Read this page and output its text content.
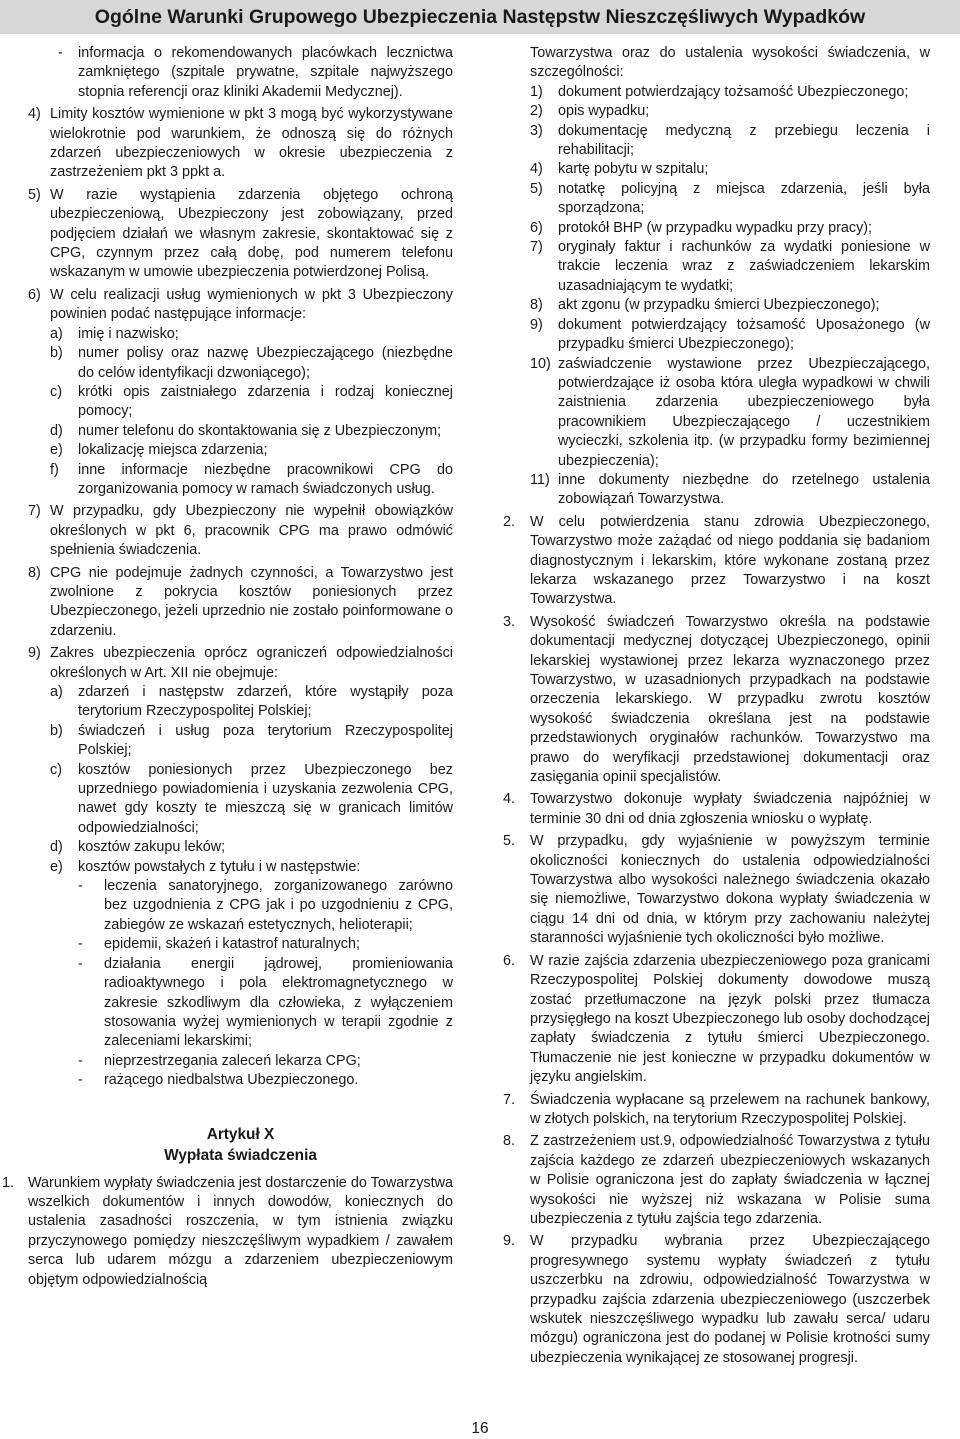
Ogólne Warunki Grupowego Ubezpieczenia Następstw Nieszczęśliwych Wypadków
- informacja o rekomendowanych placówkach lecznictwa zamkniętego (szpitale prywatne, szpitale najwyższego stopnia referencji oraz kliniki Akademii Medycznej).
4) Limity kosztów wymienione w pkt 3 mogą być wykorzystywane wielokrotnie pod warunkiem, że odnoszą się do różnych zdarzeń ubezpieczeniowych w okresie ubezpieczenia z zastrzeżeniem pkt 3 ppkt a.
5) W razie wystąpienia zdarzenia objętego ochroną ubezpieczeniową, Ubezpieczony jest zobowiązany, przed podjęciem działań we własnym zakresie, skontaktować się z CPG, czynnym przez całą dobę, pod numerem telefonu wskazanym w umowie ubezpieczenia potwierdzonej Polisą.
6) W celu realizacji usług wymienionych w pkt 3 Ubezpieczony powinien podać następujące informacje:
a) imię i nazwisko;
b) numer polisy oraz nazwę Ubezpieczającego (niezbędne do celów identyfikacji dzwoniącego);
c) krótki opis zaistniałego zdarzenia i rodzaj koniecznej pomocy;
d) numer telefonu do skontaktowania się z Ubezpieczonym;
e) lokalizację miejsca zdarzenia;
f) inne informacje niezbędne pracownikowi CPG do zorganizowania pomocy w ramach świadczonych usług.
7) W przypadku, gdy Ubezpieczony nie wypełnił obowiązków określonych w pkt 6, pracownik CPG ma prawo odmówić spełnienia świadczenia.
8) CPG nie podejmuje żadnych czynności, a Towarzystwo jest zwolnione z pokrycia kosztów poniesionych przez Ubezpieczonego, jeżeli uprzednio nie zostało poinformowane o zdarzeniu.
9) Zakres ubezpieczenia oprócz ograniczeń odpowiedzialności określonych w Art. XII nie obejmuje:
a) zdarzeń i następstw zdarzeń, które wystąpiły poza terytorium Rzeczypospolitej Polskiej;
b) świadczeń i usług poza terytorium Rzeczypospolitej Polskiej;
c) kosztów poniesionych przez Ubezpieczonego bez uprzedniego powiadomienia i uzyskania zezwolenia CPG, nawet gdy koszty te mieszczą się w granicach limitów odpowiedzialności;
d) kosztów zakupu leków;
e) kosztów powstałych z tytułu i w następstwie:
- leczenia sanatoryjnego, zorganizowanego zarówno bez uzgodnienia z CPG jak i po uzgodnieniu z CPG, zabiegów ze wskazań estetycznych, helioterapii;
- epidemii, skażeń i katastrof naturalnych;
- działania energii jądrowej, promieniowania radioaktywnego i pola elektromagnetycznego w zakresie szkodliwym dla człowieka, z wyłączeniem stosowania wyżej wymienionych w terapii zgodnie z zaleceniami lekarskimi;
- nieprzestrzegania zaleceń lekarza CPG;
- rażącego niedbalstwa Ubezpieczonego.

Artykuł X

Wypłata świadczenia

1. Warunkiem wypłaty świadczenia jest dostarczenie do Towarzystwa wszelkich dokumentów i innych dowodów, koniecznych do ustalenia zasadności roszczenia, w tym istnienia związku przyczynowego pomiędzy nieszczęśliwym wypadkiem / zawałem serca lub udarem mózgu a zdarzeniem ubezpieczeniowym objętym odpowiedzialnością
Towarzystwa oraz do ustalenia wysokości świadczenia, w szczególności:
1) dokument potwierdzający tożsamość Ubezpieczonego;
2) opis wypadku;
3) dokumentację medyczną z przebiegu leczenia i rehabilitacji;
4) kartę pobytu w szpitalu;
5) notatkę policyjną z miejsca zdarzenia, jeśli była sporządzona;
6) protokół BHP (w przypadku wypadku przy pracy);
7) oryginały faktur i rachunków za wydatki poniesione w trakcie leczenia wraz z zaświadczeniem lekarskim uzasadniającym te wydatki;
8) akt zgonu (w przypadku śmierci Ubezpieczonego);
9) dokument potwierdzający tożsamość Uposażonego (w przypadku śmierci Ubezpieczonego);
10) zaświadczenie wystawione przez Ubezpieczającego, potwierdzające iż osoba która uległa wypadkowi w chwili zaistnienia zdarzenia ubezpieczeniowego była pracownikiem Ubezpieczającego / uczestnikiem wycieczki, szkolenia itp. (w przypadku formy bezimiennej ubezpieczenia);
11) inne dokumenty niezbędne do rzetelnego ustalenia zobowiązań Towarzystwa.
2. W celu potwierdzenia stanu zdrowia Ubezpieczonego, Towarzystwo może zażądać od niego poddania się badaniom diagnostycznym i lekarskim, które wykonane zostaną przez lekarza wskazanego przez Towarzystwo i na koszt Towarzystwa.
3. Wysokość świadczeń Towarzystwo określa na podstawie dokumentacji medycznej dotyczącej Ubezpieczonego, opinii lekarskiej wystawionej przez lekarza wyznaczonego przez Towarzystwo, w uzasadnionych przypadkach na podstawie orzeczenia lekarskiego. W przypadku zwrotu kosztów wysokość świadczenia określana jest na podstawie przedstawionych oryginałów rachunków. Towarzystwo ma prawo do weryfikacji przedstawionej dokumentacji oraz zasięgania opinii specjalistów.
4. Towarzystwo dokonuje wypłaty świadczenia najpóźniej w terminie 30 dni od dnia zgłoszenia wniosku o wypłatę.
5. W przypadku, gdy wyjaśnienie w powyższym terminie okoliczności koniecznych do ustalenia odpowiedzialności Towarzystwa albo wysokości należnego świadczenia okazało się niemożliwe, Towarzystwo dokona wypłaty świadczenia w ciągu 14 dni od dnia, w którym przy zachowaniu należytej staranności wyjaśnienie tych okoliczności było możliwe.
6. W razie zajścia zdarzenia ubezpieczeniowego poza granicami Rzeczypospolitej Polskiej dokumenty dowodowe muszą zostać przetłumaczone na język polski przez tłumacza przysięgłego na koszt Ubezpieczonego lub osoby dochodzącej zapłaty świadczenia z tytułu śmierci Ubezpieczonego. Tłumaczenie nie jest konieczne w przypadku dokumentów w języku angielskim.
7. Świadczenia wypłacane są przelewem na rachunek bankowy, w złotych polskich, na terytorium Rzeczypospolitej Polskiej.
8. Z zastrzeżeniem ust.9, odpowiedzialność Towarzystwa z tytułu zajścia każdego ze zdarzeń ubezpieczeniowych wskazanych w Polisie ograniczona jest do zapłaty świadczenia w łącznej wysokości nie wyższej niż wskazana w Polisie suma ubezpieczenia z tytułu zajścia tego zdarzenia.
9. W przypadku wybrania przez Ubezpieczającego progresywnego systemu wypłaty świadczeń z tytułu uszczerbku na zdrowiu, odpowiedzialność Towarzystwa w przypadku zajścia zdarzenia ubezpieczeniowego (uszczerbek wskutek nieszczęśliwego wypadku lub zawału serca/ udaru mózgu) ograniczona jest do podanej w Polisie krotności sumy ubezpieczenia wynikającej ze stosowanej progresji.
16
